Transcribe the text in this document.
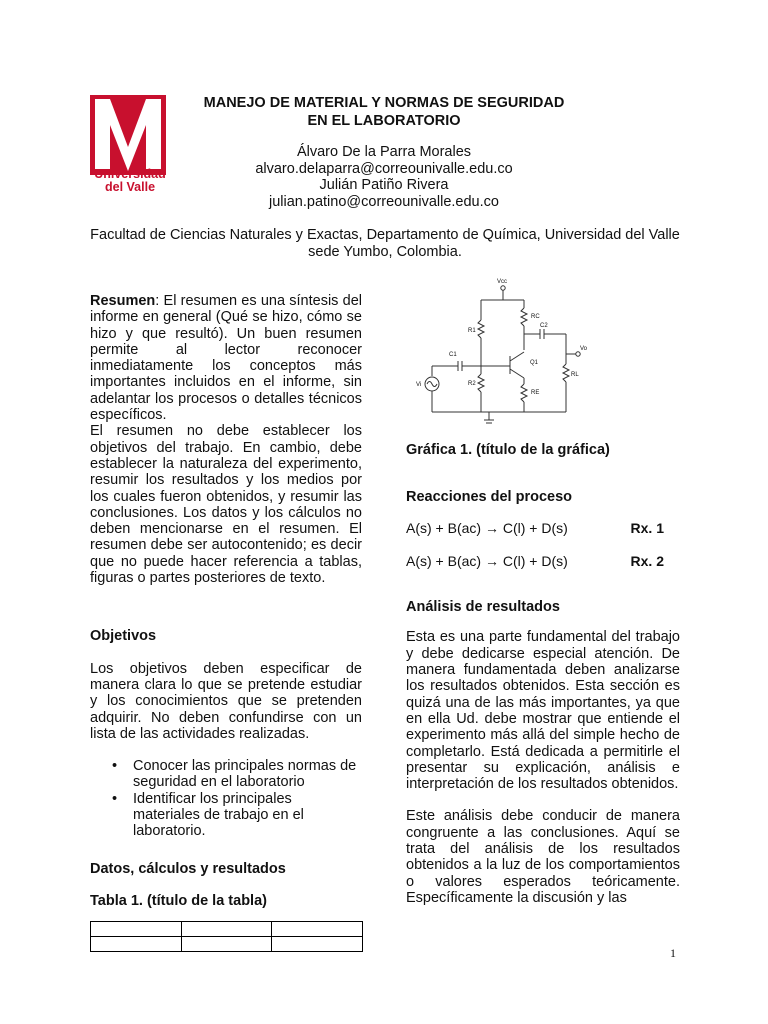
Universidad
del Valle
MANEJO DE MATERIAL Y NORMAS DE SEGURIDAD
EN EL LABORATORIO
Álvaro De la Parra Morales
alvaro.delaparra@correounivalle.edu.co
Julián Patiño Rivera
julian.patino@correounivalle.edu.co
Facultad de Ciencias Naturales y Exactas, Departamento de Química, Universidad del Valle
sede Yumbo, Colombia.

Resumen: El resumen es una síntesis del informe en general (Qué se hizo, cómo se hizo y que resultó). Un buen resumen permite al lector reconocer inmediatamente los conceptos más importantes incluidos en el informe, sin adelantar los procesos o detalles técnicos específicos.

El resumen no debe establecer los objetivos del trabajo. En cambio, debe establecer la naturaleza del experimento, resumir los resultados y los medios por los cuales fueron obtenidos, y resumir las conclusiones. Los datos y los cálculos no deben mencionarse en el resumen. El resumen debe ser autocontenido; es decir que no puede hacer referencia a tablas, figuras o partes posteriores de texto.

Objetivos

Los objetivos deben especificar de manera clara lo que se pretende estudiar y los conocimientos que se pretenden adquirir. No deben confundirse con un lista de las actividades realizadas.

• Conocer las principales normas de seguridad en el laboratorio
• Identificar los principales materiales de trabajo en el laboratorio.
Datos, cálculos y resultados
Tabla 1. (título de la tabla)

Vcc
RC
R1
C2
C1
Q1
Vo
RL
Vi	R2
RE
Gráfica 1. (título de la gráfica)
Reacciones del proceso
A(s) + B(ac) → C(l) + D(s)	Rx. 1
A(s) + B(ac) → C(l) + D(s)	Rx. 2
Análisis de resultados

Esta es una parte fundamental del trabajo y debe dedicarse especial atención. De manera fundamentada deben analizarse los resultados obtenidos. Esta sección es quizá una de las más importantes, ya que en ella Ud. debe mostrar que entiende el experimento más allá del simple hecho de completarlo. Está dedicada a permitirle el presentar su explicación, análisis e interpretación de los resultados obtenidos.

Este análisis debe conducir de manera congruente a las conclusiones. Aquí se trata del análisis de los resultados obtenidos a la luz de los comportamientos o valores esperados teóricamente. Específicamente la discusión y las

1
